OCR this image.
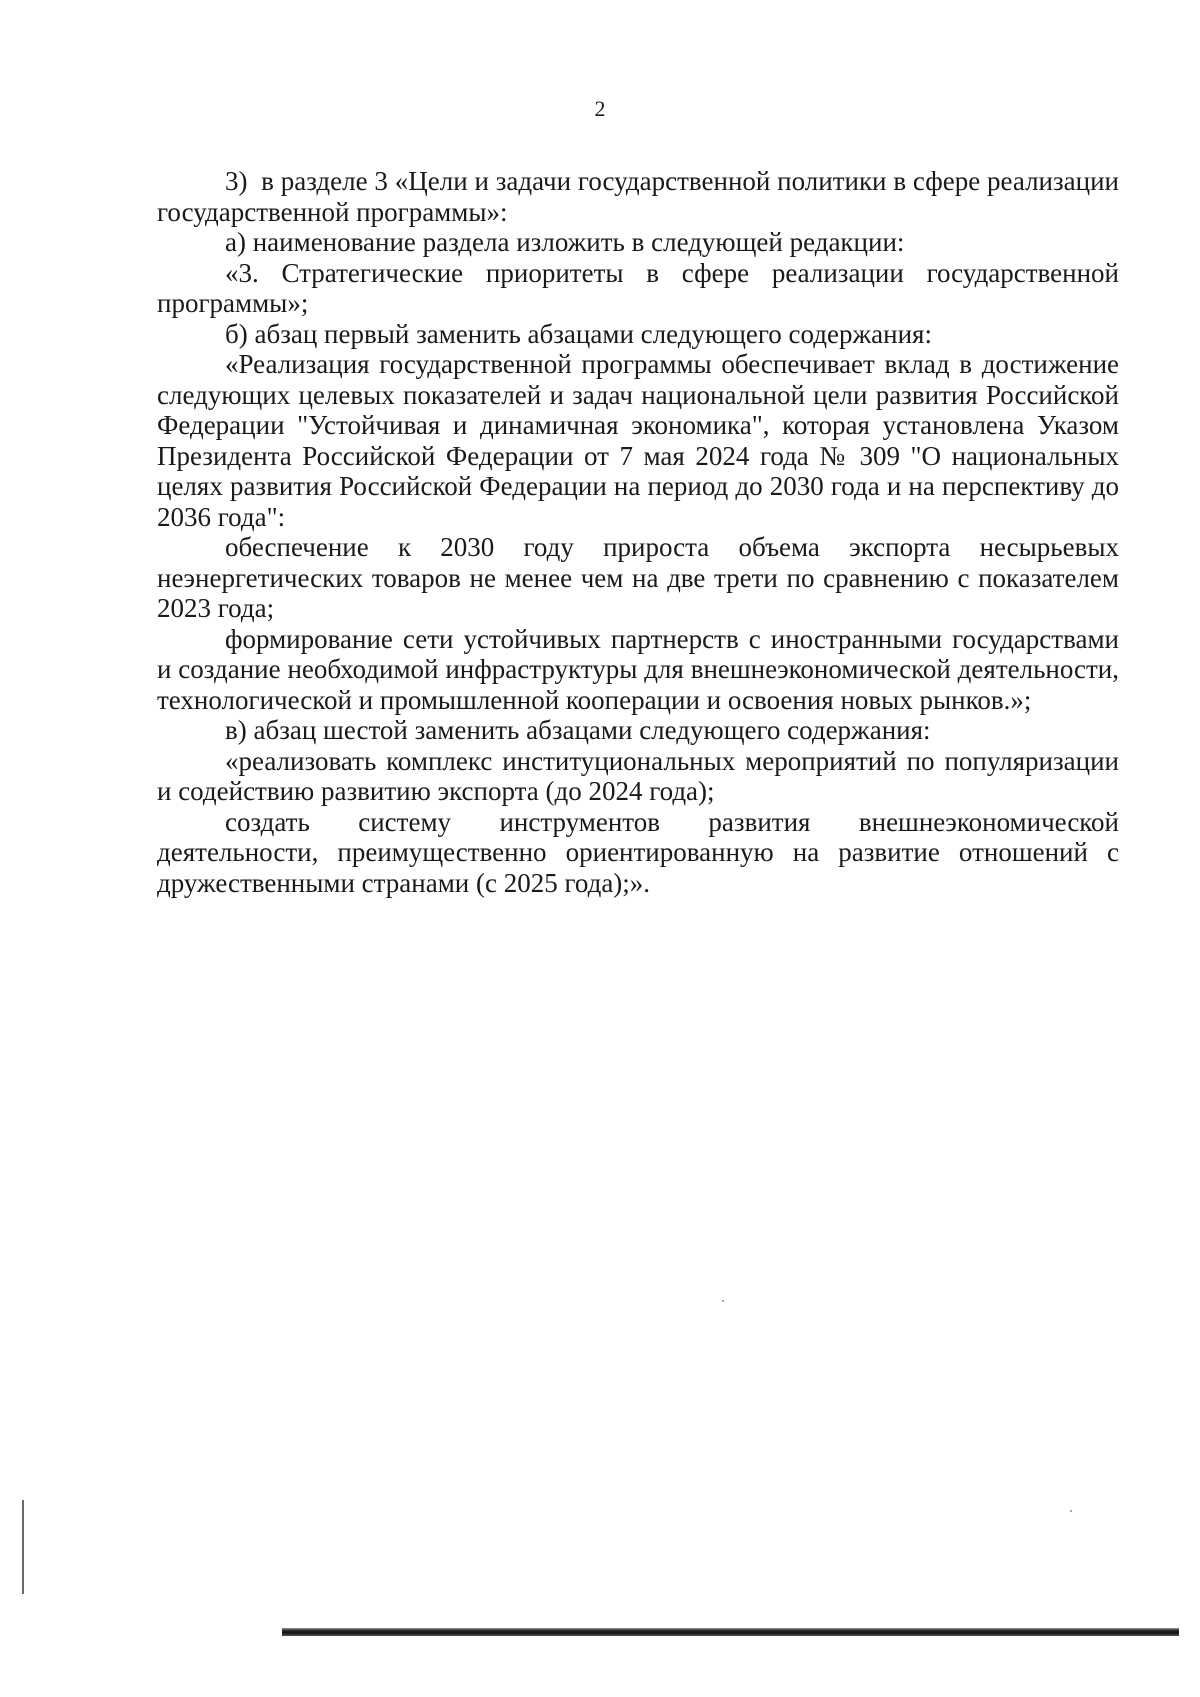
2

3)  в разделе 3 «Цели и задачи государственной политики в сфере реализации государственной программы»:

а) наименование раздела изложить в следующей редакции:

«3. Стратегические приоритеты в сфере реализации государственной программы»;

б) абзац первый заменить абзацами следующего содержания:

«Реализация государственной программы обеспечивает вклад в достижение следующих целевых показателей и задач национальной цели развития Российской Федерации "Устойчивая и динамичная экономика", которая установлена Указом Президента Российской Федерации от 7 мая 2024 года № 309 "О национальных целях развития Российской Федерации на период до 2030 года и на перспективу до 2036 года":

обеспечение к 2030 году прироста объема экспорта несырьевых неэнергетических товаров не менее чем на две трети по сравнению с показателем 2023 года;

формирование сети устойчивых партнерств с иностранными государствами и создание необходимой инфраструктуры для внешнеэкономической деятельности, технологической и промышленной кооперации и освоения новых рынков.»;

в) абзац шестой заменить абзацами следующего содержания:

«реализовать комплекс институциональных мероприятий по популяризации и содействию развитию экспорта (до 2024 года);

создать систему инструментов развития внешнеэкономической деятельности, преимущественно ориентированную на развитие отношений с дружественными странами (с 2025 года);».
